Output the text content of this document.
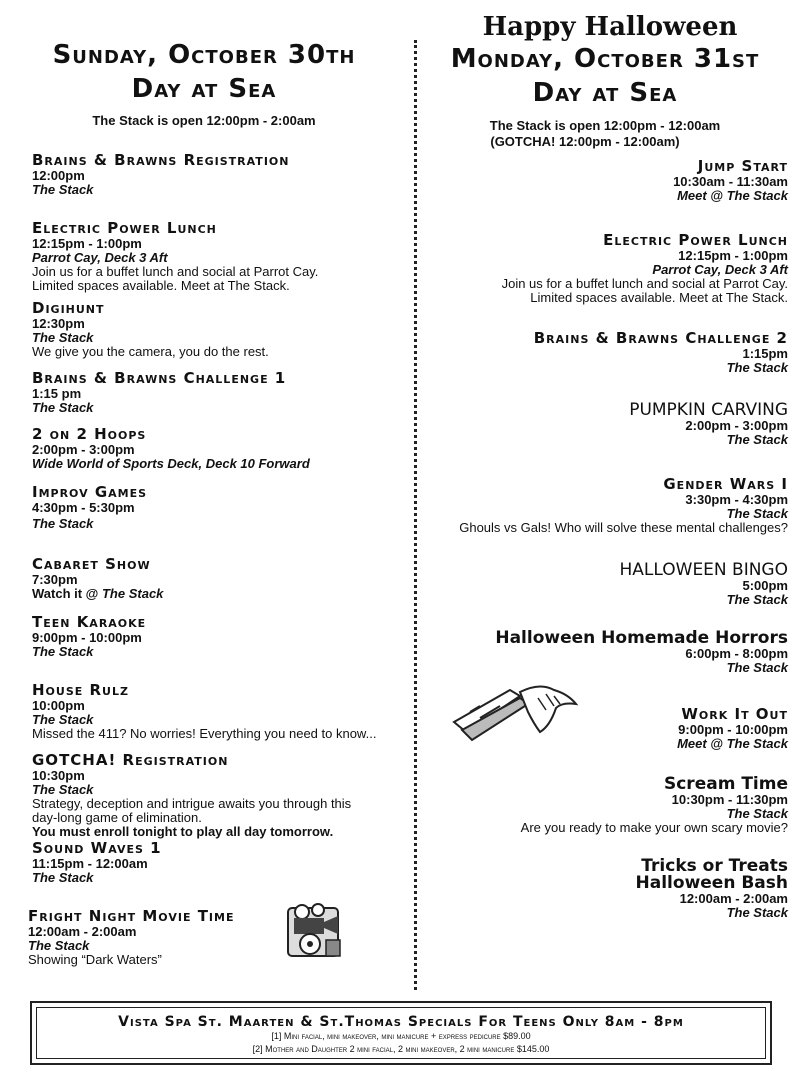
Sunday, October 30th
Day at Sea
The Stack is open 12:00pm - 2:00am
Brains & Brawns Registration
12:00pm
The Stack
Electric Power Lunch
12:15pm - 1:00pm
Parrot Cay, Deck 3 Aft
Join us for a buffet lunch and social at Parrot Cay. Limited spaces available. Meet at The Stack.
Digihunt
12:30pm
The Stack
We give you the camera, you do the rest.
Brains & Brawns Challenge 1
1:15 pm
The Stack
2 on 2 Hoops
2:00pm - 3:00pm
Wide World of Sports Deck, Deck 10 Forward
Improv Games
4:30pm - 5:30pm
The Stack
Cabaret Show
7:30pm
Watch it @ The Stack
Teen Karaoke
9:00pm - 10:00pm
The Stack
House Rulz
10:00pm
The Stack
Missed the 411? No worries! Everything you need to know...
GOTCHA! Registration
10:30pm
The Stack
Strategy, deception and intrigue awaits you through this day-long game of elimination.
You must enroll tonight to play all day tomorrow.
Sound Waves 1
11:15pm - 12:00am
The Stack
Fright Night Movie Time
12:00am - 2:00am
The Stack
Showing “Dark Waters”
Happy Halloween
Monday, October 31st
Day at Sea
The Stack is open 12:00pm - 12:00am
(GOTCHA! 12:00pm - 12:00am)
Jump Start
10:30am - 11:30am
Meet @ The Stack
Electric Power Lunch
12:15pm - 1:00pm
Parrot Cay, Deck 3 Aft
Join us for a buffet lunch and social at Parrot Cay. Limited spaces available. Meet at The Stack.
Brains & Brawns Challenge 2
1:15pm
The Stack
PUMPKIN CARVING
2:00pm - 3:00pm
The Stack
Gender Wars I
3:30pm - 4:30pm
The Stack
Ghouls vs Gals! Who will solve these mental challenges?
HALLOWEEN BINGO
5:00pm
The Stack
Halloween Homemade Horrors
6:00pm - 8:00pm
The Stack
Work It Out
9:00pm - 10:00pm
Meet @ The Stack
Scream Time
10:30pm - 11:30pm
The Stack
Are you ready to make your own scary movie?
Tricks or Treats
Halloween Bash
12:00am - 2:00am
The Stack
Vista Spa St. Maarten & St.Thomas Specials For Teens Only 8am - 8pm
[1] Mini facial, mini makeover, mini manicure + express pedicure $89.00
[2] Mother and Daughter 2 mini facial, 2 mini makeover, 2 mini manicure $145.00
